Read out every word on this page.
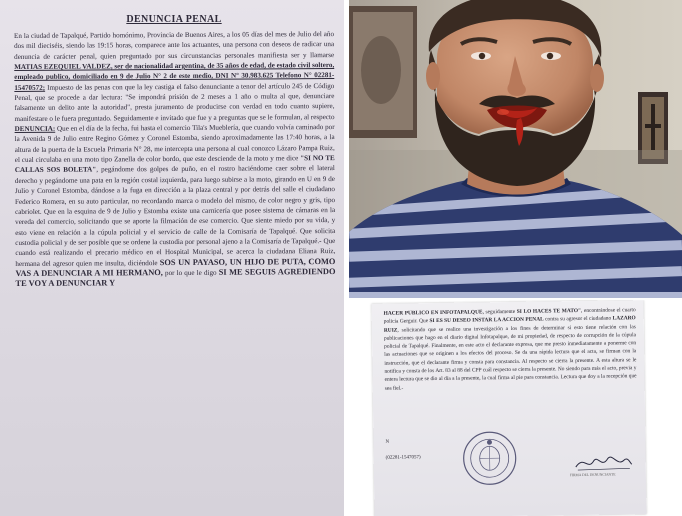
DENUNCIA PENAL

En la ciudad de Tapalqué, Partido homónimo, Provincia de Buenos Aires, a los 05 días del mes de Julio del año dos mil dieciséis, siendo las 19:15 horas, comparece ante los actuantes, una persona con deseos de radicar una denuncia de carácter penal, quien preguntado por sus circunstancias personales manifiesta ser y llamarse MATIAS EZEQUIEL VALDEZ, ser de nacionalidad argentina, de 35 años de edad, de estado civil soltero, empleado publico, domiciliado en 9 de Julio N° 2 de este medio, DNI N° 30.983.625 Telefono N° 02281-15470572; Impuesto de las penas con que la ley castiga el falso denunciante a tenor del artículo 245 de Código Penal, que se procede a dar lectura: "Se impondrá prisión de 2 meses a 1 año o multa al que, denunciare falsamente un delito ante la autoridad", presta juramento de producirse con verdad en todo cuanto supiere, manifestare o le fuera preguntado. Seguidamente e invitado que fue y a preguntas que se le formulan, al respecto DENUNCIA: Que en el día de la fecha, fui hasta el comercio Tila's Mueblería, que cuando volvía caminado por la Avenida 9 de Julio entre Regino Gómez y Coronel Estomba, siendo aproximadamente las 17:40 horas, a la altura de la puerta de la Escuela Primaria N° 28, me intercepta una persona al cual conozco Lázaro Pampa Ruiz, el cual circulaba en una moto tipo Zanella de color bordo, que este desciende de la moto y me dice "SI NO TE CALLAS SOS BOLETA", pegándome dos golpes de puño, en el rostro haciéndome caer sobre el lateral derecho y pegándome una pata en la región costal izquierda, para luego subirse a la moto, girando en U en 9 de Julio y Coronel Estomba, dándose a la fuga en dirección a la plaza central y por detrás del salle el ciudadano Federico Romera, en su auto particular, no recordando marca o modelo del mismo, de color negro y gris, tipo cabriolet. Que en la esquina de 9 de Julio y Estomba existe una carnicería que posee sistema de cámaras en la vereda del comercio, solicitando que se aporte la filmación de ese comercio. Que siente miedo por su vida, y esto viene en relación a la cúpula policial y el servicio de calle de la Comisaría de Tapalqué. Que solicita custodia policial y de ser posible que se ordene la custodia por personal ajeno a la Comisaría de Tapalqué.- Que cuando está realizando el precario médico en el Hospital Municipal, se acerca la ciudadana Eliana Ruiz, hermana del agresor quien me insulta, diciéndole SOS UN PAYASO, UN HIJO DE PUTA, COMO VAS A DENUNCIAR A MI HERMANO, por lo que le digo SI ME SEGUIS AGREDIENDO TE VOY A DENUNCIAR Y

HACER PUBLICO EN INFOTAPALQUE, seguidamente SI LO HACES TE MATO", encontrándose el cuarto policía Gerguir. Que SI ES SU DESEO INSTAR LA ACCION PENAL contra su agresor el ciudadano LAZARO RUIZ, solicitando que se realice una investigación a los fines de determinar si esto tiene relación con las publicaciones que hago en el diario digital Infotapalque, de mi propiedad, de respecto de corrupción de la cúpula policial de Tapalqué. Finalmente, en este acto el declarante expresa, que me presto inmediatamente a ponerme con las actuaciones que se originen a los efectos del proceso. Se da una rápida lectura que el acta, se firman con la instrucción, que el declarante firma y consta para constancia. Al respecto se cierra la presente. A esta altura se le notifica y consta de los Art. 83 al 88 del CPP cuál respecto se cierra la presente. No siendo para más el acto, previa y entera lectura que se dio al día a la presente, la cual firma al pie para constancia. Lectura que doy a la recepción que sea fiel.-

N
(02281-1547057)
FIRMA DEL DENUNCIANTE
